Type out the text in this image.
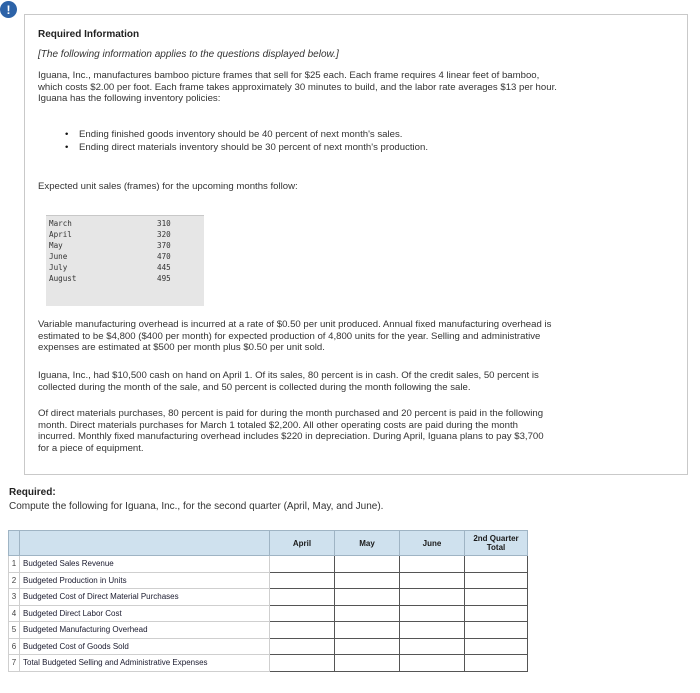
!
Required Information
[The following information applies to the questions displayed below.]
Iguana, Inc., manufactures bamboo picture frames that sell for $25 each. Each frame requires 4 linear feet of bamboo,
which costs $2.00 per foot. Each frame takes approximately 30 minutes to build, and the labor rate averages $13 per hour.
Iguana has the following inventory policies:
• Ending finished goods inventory should be 40 percent of next month's sales.
• Ending direct materials inventory should be 30 percent of next month's production.
Expected unit sales (frames) for the upcoming months follow:
March	310
April	320
May	370
June	470
July	445
August	495
Variable manufacturing overhead is incurred at a rate of $0.50 per unit produced. Annual fixed manufacturing overhead is
estimated to be $4,800 ($400 per month) for expected production of 4,800 units for the year. Selling and administrative
expenses are estimated at $500 per month plus $0.50 per unit sold.
Iguana, Inc., had $10,500 cash on hand on April 1. Of its sales, 80 percent is in cash. Of the credit sales, 50 percent is
collected during the month of the sale, and 50 percent is collected during the month following the sale.
Of direct materials purchases, 80 percent is paid for during the month purchased and 20 percent is paid in the following
month. Direct materials purchases for March 1 totaled $2,200. All other operating costs are paid during the month
incurred. Monthly fixed manufacturing overhead includes $220 in depreciation. During April, Iguana plans to pay $3,700
for a piece of equipment.
Required:
Compute the following for Iguana, Inc., for the second quarter (April, May, and June).
		April	May	June	2nd Quarter
Total

1	Budgeted Sales Revenue				
2	Budgeted Production in Units				
3	Budgeted Cost of Direct Material Purchases				
4	Budgeted Direct Labor Cost				
5	Budgeted Manufacturing Overhead				
6	Budgeted Cost of Goods Sold				
7	Total Budgeted Selling and Administrative Expenses				
